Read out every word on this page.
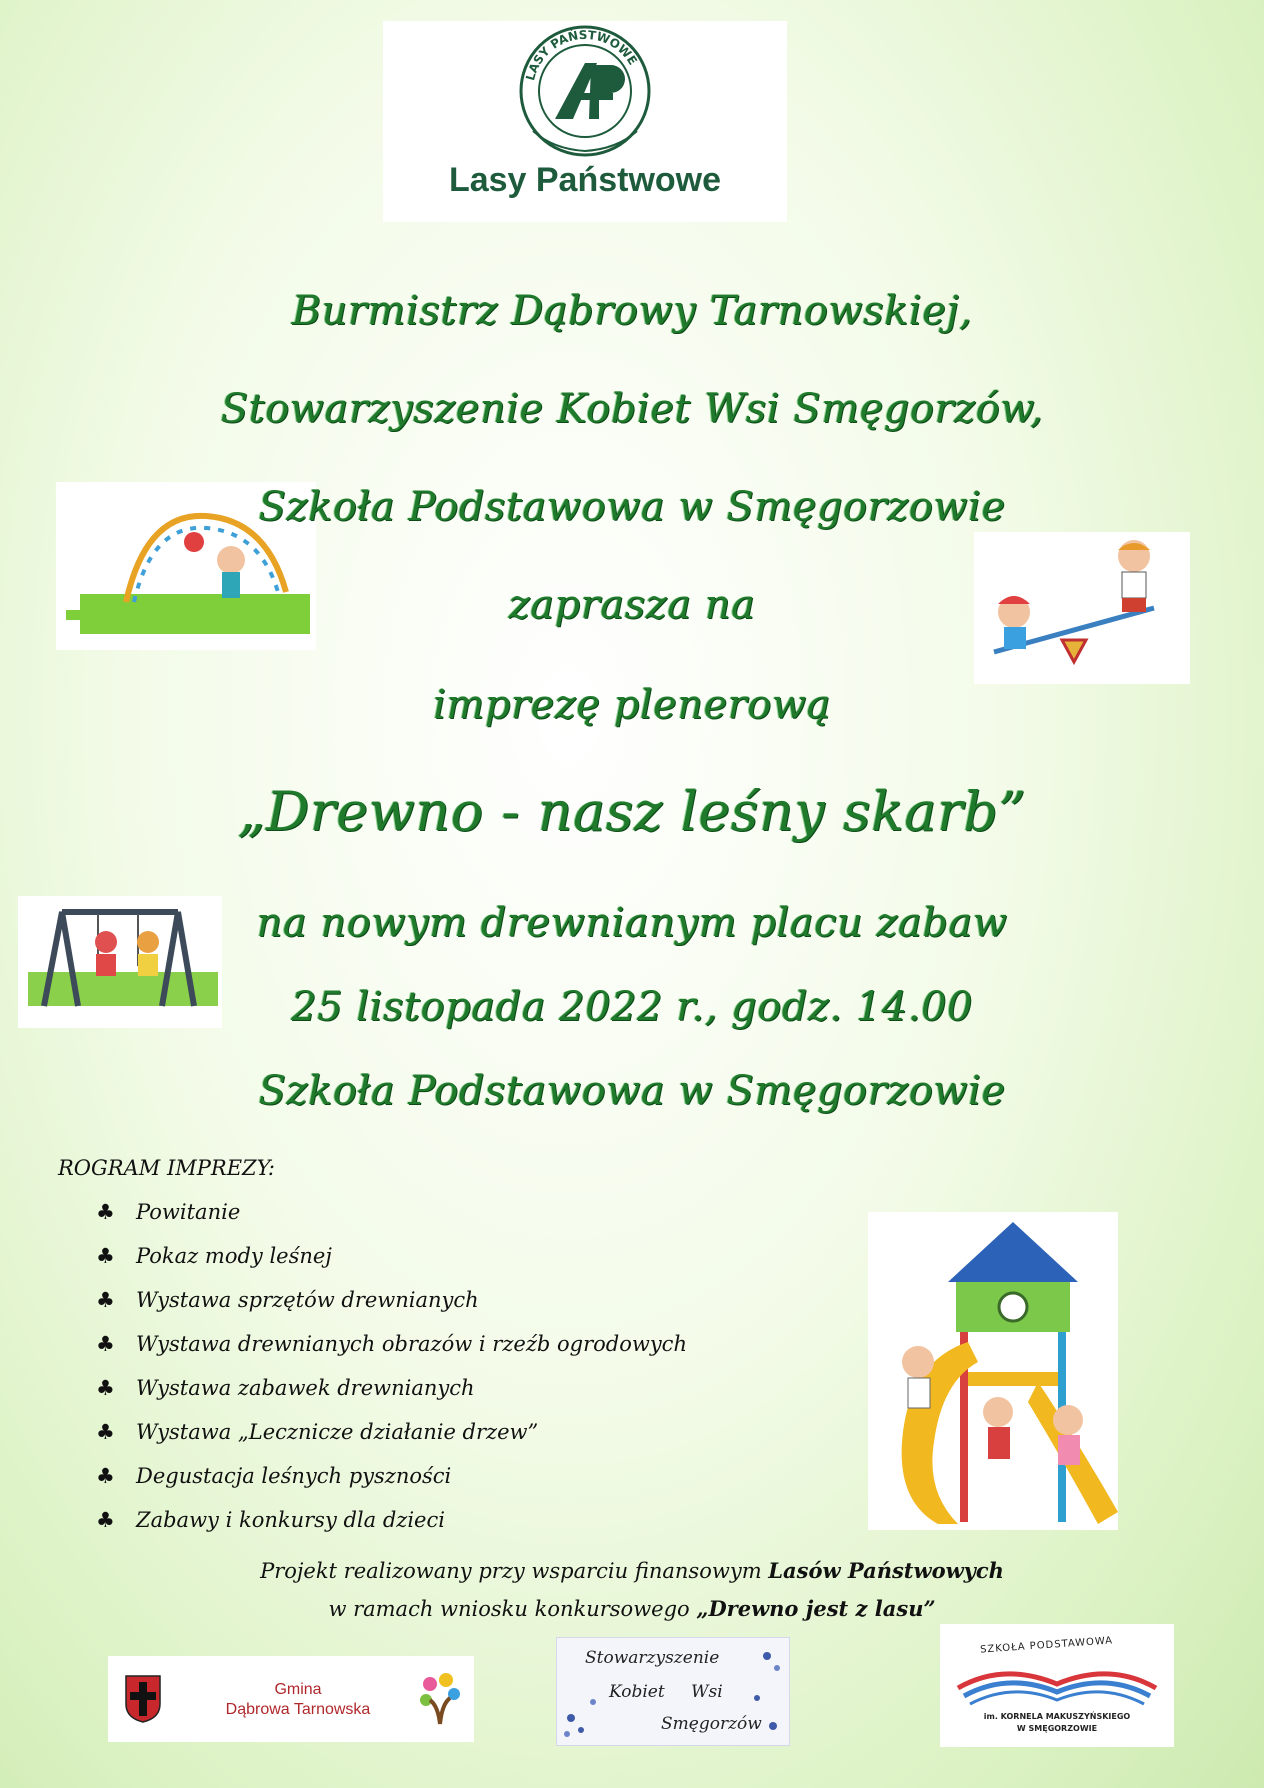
LASY PAŃSTWOWE
Lasy Państwowe
Burmistrz Dąbrowy Tarnowskiej,
Stowarzyszenie Kobiet Wsi Smęgorzów,
Szkoła Podstawowa w Smęgorzowie
zaprasza na
imprezę plenerową
„Drewno - nasz leśny skarb”
na nowym drewnianym placu zabaw
25 listopada 2022 r., godz. 14.00
Szkoła Podstawowa w Smęgorzowie
ROGRAM IMPREZY:
♣ Powitanie
♣ Pokaz mody leśnej
♣ Wystawa sprzętów drewnianych
♣ Wystawa drewnianych obrazów i rzeźb ogrodowych
♣ Wystawa zabawek drewnianych
♣ Wystawa „Lecznicze działanie drzew”
♣ Degustacja leśnych pyszności
♣ Zabawy i konkursy dla dzieci
Projekt realizowany przy wsparciu finansowym Lasów Państwowych
w ramach wniosku konkursowego „Drewno jest z lasu”
Gmina
Dąbrowa Tarnowska
Stowarzyszenie
Kobiet Wsi
Smęgorzów
SZKOŁA PODSTAWOWA
im. KORNELA MAKUSZYŃSKIEGO
W SMĘGORZOWIE
